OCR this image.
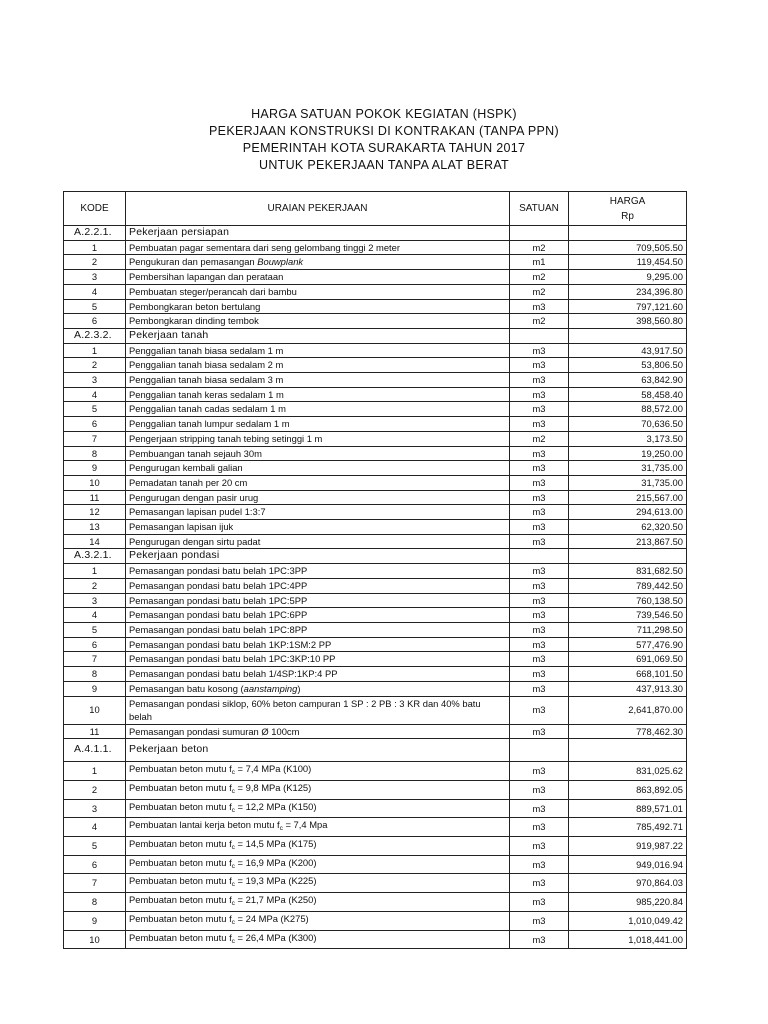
HARGA SATUAN POKOK KEGIATAN (HSPK)
PEKERJAAN KONSTRUKSI DI KONTRAKAN (TANPA PPN)
PEMERINTAH KOTA SURAKARTA TAHUN 2017
UNTUK PEKERJAAN TANPA ALAT BERAT
KODE	URAIAN PEKERJAAN	SATUAN	HARGA
Rp

A.2.2.1.	Pekerjaan persiapan		
1	Pembuatan pagar sementara dari seng gelombang tinggi 2 meter	m2	709,505.50
2	Pengukuran dan pemasangan Bouwplank	m1	119,454.50
3	Pembersihan lapangan dan perataan	m2	9,295.00
4	Pembuatan steger/perancah dari bambu	m2	234,396.80
5	Pembongkaran beton bertulang	m3	797,121.60
6	Pembongkaran dinding tembok	m2	398,560.80
A.2.3.2.	Pekerjaan tanah		
1	Penggalian tanah biasa sedalam 1 m	m3	43,917.50
2	Penggalian tanah biasa sedalam 2 m	m3	53,806.50
3	Penggalian tanah biasa sedalam 3 m	m3	63,842.90
4	Penggalian tanah keras sedalam 1 m	m3	58,458.40
5	Penggalian tanah cadas sedalam 1 m	m3	88,572.00
6	Penggalian tanah lumpur sedalam 1 m	m3	70,636.50
7	Pengerjaan stripping tanah tebing setinggi 1 m	m2	3,173.50
8	Pembuangan tanah sejauh 30m	m3	19,250.00
9	Pengurugan kembali galian	m3	31,735.00
10	Pemadatan tanah per 20 cm	m3	31,735.00
11	Pengurugan dengan pasir urug	m3	215,567.00
12	Pemasangan lapisan pudel 1:3:7	m3	294,613.00
13	Pemasangan lapisan ijuk	m3	62,320.50
14	Pengurugan dengan sirtu padat	m3	213,867.50
A.3.2.1.	Pekerjaan pondasi		
1	Pemasangan pondasi batu belah 1PC:3PP	m3	831,682.50
2	Pemasangan pondasi batu belah 1PC:4PP	m3	789,442.50
3	Pemasangan pondasi batu belah 1PC:5PP	m3	760,138.50
4	Pemasangan pondasi batu belah 1PC:6PP	m3	739,546.50
5	Pemasangan pondasi batu belah 1PC:8PP	m3	711,298.50
6	Pemasangan pondasi batu belah 1KP:1SM:2 PP	m3	577,476.90
7	Pemasangan pondasi batu belah 1PC:3KP:10 PP	m3	691,069.50
8	Pemasangan pondasi batu belah 1/4SP:1KP:4 PP	m3	668,101.50
9	Pemasangan batu kosong (aanstamping)	m3	437,913.30
10	Pemasangan pondasi siklop, 60% beton campuran 1 SP : 2 PB : 3 KR dan 40% batu belah	m3	2,641,870.00
11	Pemasangan pondasi sumuran Ø 100cm	m3	778,462.30
A.4.1.1.	Pekerjaan beton		
1	Pembuatan beton mutu $f_c = 7,4$ MPa (K100)	m3	831,025.62
2	Pembuatan beton mutu $f_c = 9,8$ MPa (K125)	m3	863,892.05
3	Pembuatan beton mutu $f_c = 12,2$ MPa (K150)	m3	889,571.01
4	Pembuatan lantai kerja beton mutu $f_c = 7,4$ Mpa	m3	785,492.71
5	Pembuatan beton mutu $f_c = 14,5$ MPa (K175)	m3	919,987.22
6	Pembuatan beton mutu $f_c = 16,9$ MPa (K200)	m3	949,016.94
7	Pembuatan beton mutu $f_c = 19,3$ MPa (K225)	m3	970,864.03
8	Pembuatan beton mutu $f_c = 21,7$ MPa (K250)	m3	985,220.84
9	Pembuatan beton mutu $f_c = 24$ MPa (K275)	m3	1,010,049.42
10	Pembuatan beton mutu $f_c = 26,4$ MPa (K300)	m3	1,018,441.00
